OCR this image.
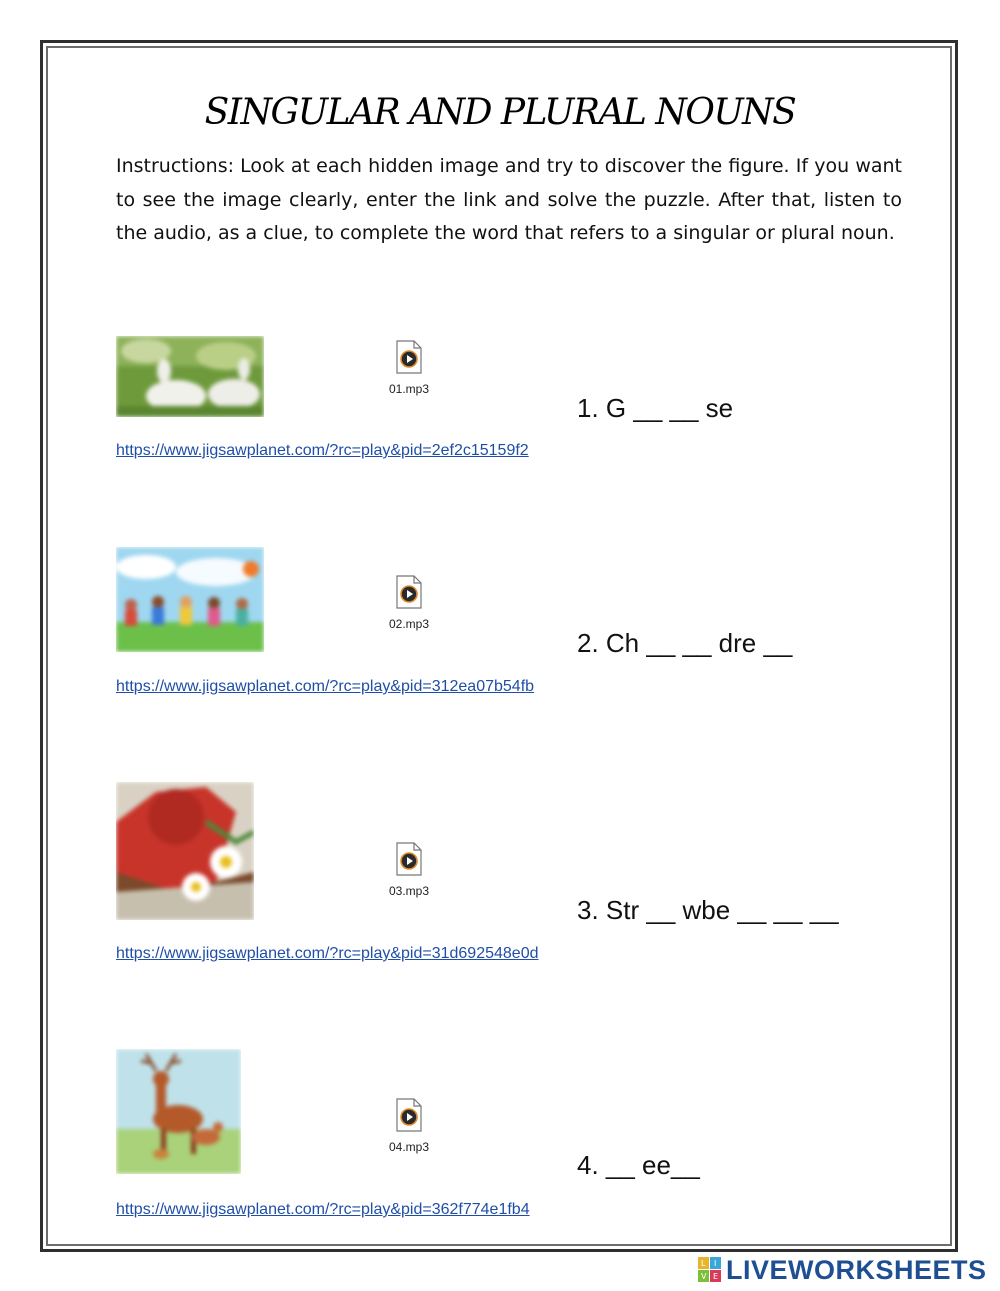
SINGULAR AND PLURAL NOUNS
Instructions: Look at each hidden image and try to discover the figure. If you want to see the image clearly, enter the link and solve the puzzle. After that, listen to the audio, as a clue, to complete the word that refers to a singular or plural noun.
01.mp3
1. G __ __ se
https://www.jigsawplanet.com/?rc=play&pid=2ef2c15159f2
02.mp3
2. Ch __ __ dre __
https://www.jigsawplanet.com/?rc=play&pid=312ea07b54fb
03.mp3
3. Str __ wbe __ __ __
https://www.jigsawplanet.com/?rc=play&pid=31d692548e0d
04.mp3
4. __ ee__
https://www.jigsawplanet.com/?rc=play&pid=362f774e1fb4
L I
V E LIVEWORKSHEETS
